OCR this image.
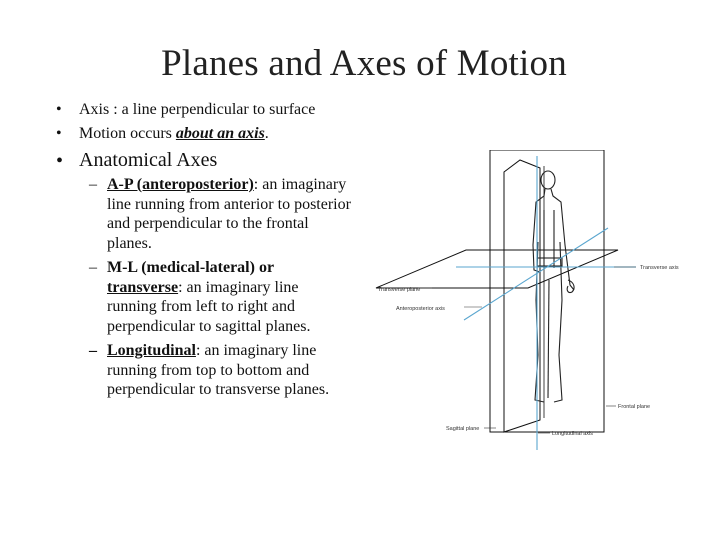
Planes and Axes of Motion
• Axis : a line perpendicular to surface
• Motion occurs about an axis.
• Anatomical Axes
– A-P (anteroposterior): an imaginary line running from anterior to posterior and perpendicular to the frontal planes.
– M-L (medical-lateral) or transverse: an imaginary line running from left to right and perpendicular to sagittal planes.
– Longitudinal: an imaginary line running from top to bottom and perpendicular to transverse planes.
Transverse axis
Transverse plane
Anteroposterior axis
Frontal plane
Sagittal plane
Longitudinal axis
